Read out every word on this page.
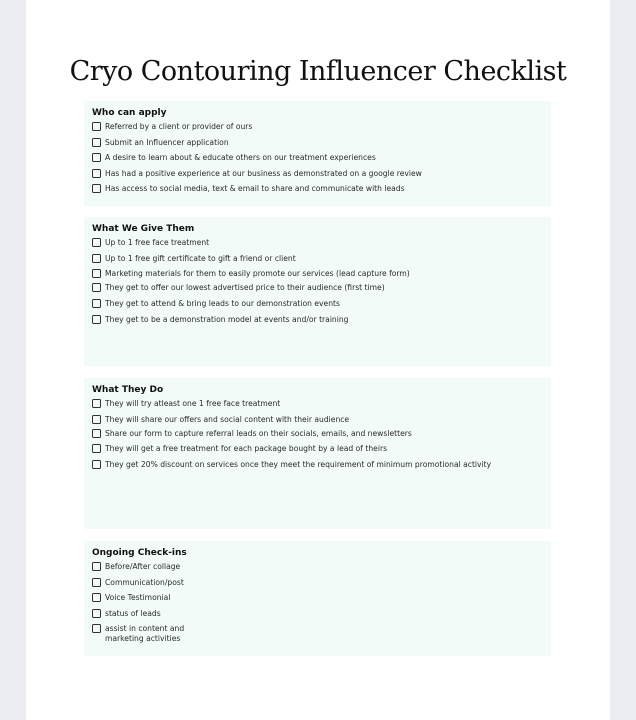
Cryo Contouring Influencer Checklist
Who can apply
Referred by a client or provider of ours
Submit an Influencer application
A desire to learn about & educate others on our treatment experiences
Has had a positive experience at our business as demonstrated on a google review
Has access to social media, text & email to share and communicate with leads
What We Give Them
Up to 1 free face treatment
Up to 1 free gift certificate to gift a friend or client
Marketing materials for them to easily promote our services (lead capture form)
They get to offer our lowest advertised price to their audience (first time)
They get to attend & bring leads to our demonstration events
They get to be a demonstration model at events and/or training
What They Do
They will try atleast one 1 free face treatment
They will share our offers and social content with their audience
Share our form to capture referral leads on their socials, emails, and newsletters
They will get a free treatment for each package bought by a lead of theirs
They get 20% discount on services once they meet the requirement of minimum promotional activity
Ongoing Check-ins
Before/After collage
Communication/post
Voice Testimonial
status of leads
assist in content and marketing activities
